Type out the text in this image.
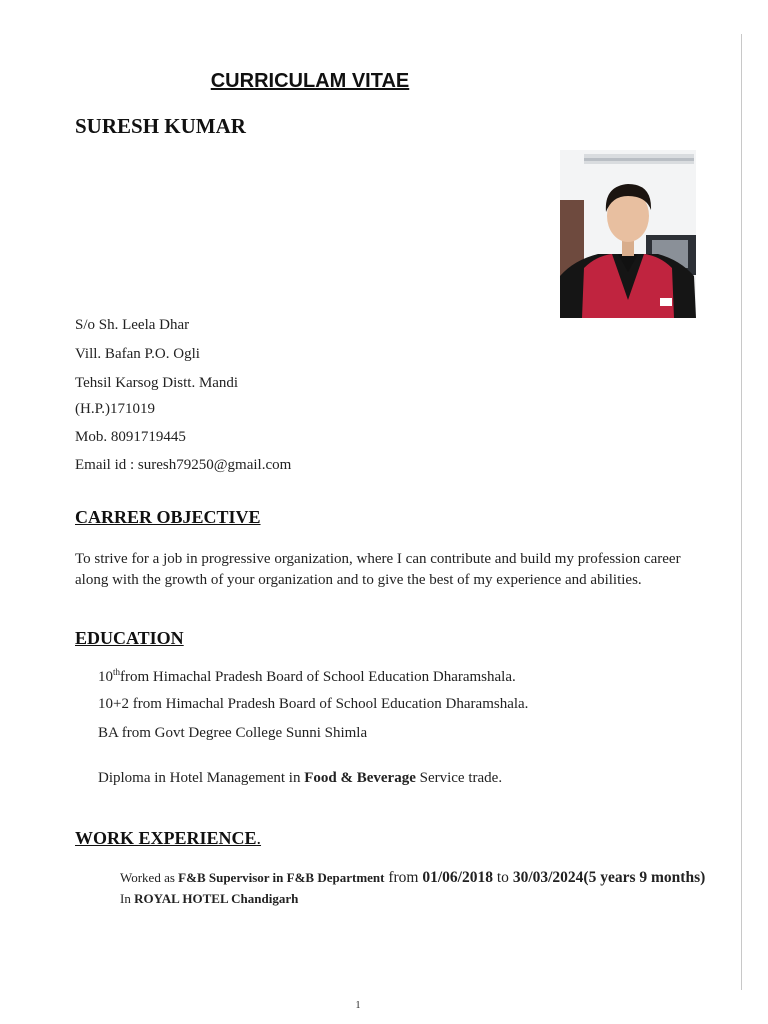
CURRICULAM VITAE
SURESH KUMAR
S/o Sh. Leela Dhar
Vill. Bafan P.O. Ogli
Tehsil Karsog Distt. Mandi
(H.P.)171019
Mob. 8091719445
Email id : suresh79250@gmail.com
CARRER OBJECTIVE

To strive for a job in progressive organization, where I can contribute and build my profession career along with the growth of your organization and to give the best of my experience and abilities.

EDUCATION

10thfrom Himachal Pradesh Board of School Education Dharamshala.

10+2 from Himachal Pradesh Board of School Education Dharamshala.

BA from Govt Degree College Sunni Shimla

Diploma in Hotel Management in Food & Beverage Service trade.

WORK EXPERIENCE.

Worked as F&B Supervisor in F&B Department from 01/06/2018 to 30/03/2024(5 years 9 months) In ROYAL HOTEL Chandigarh

1
